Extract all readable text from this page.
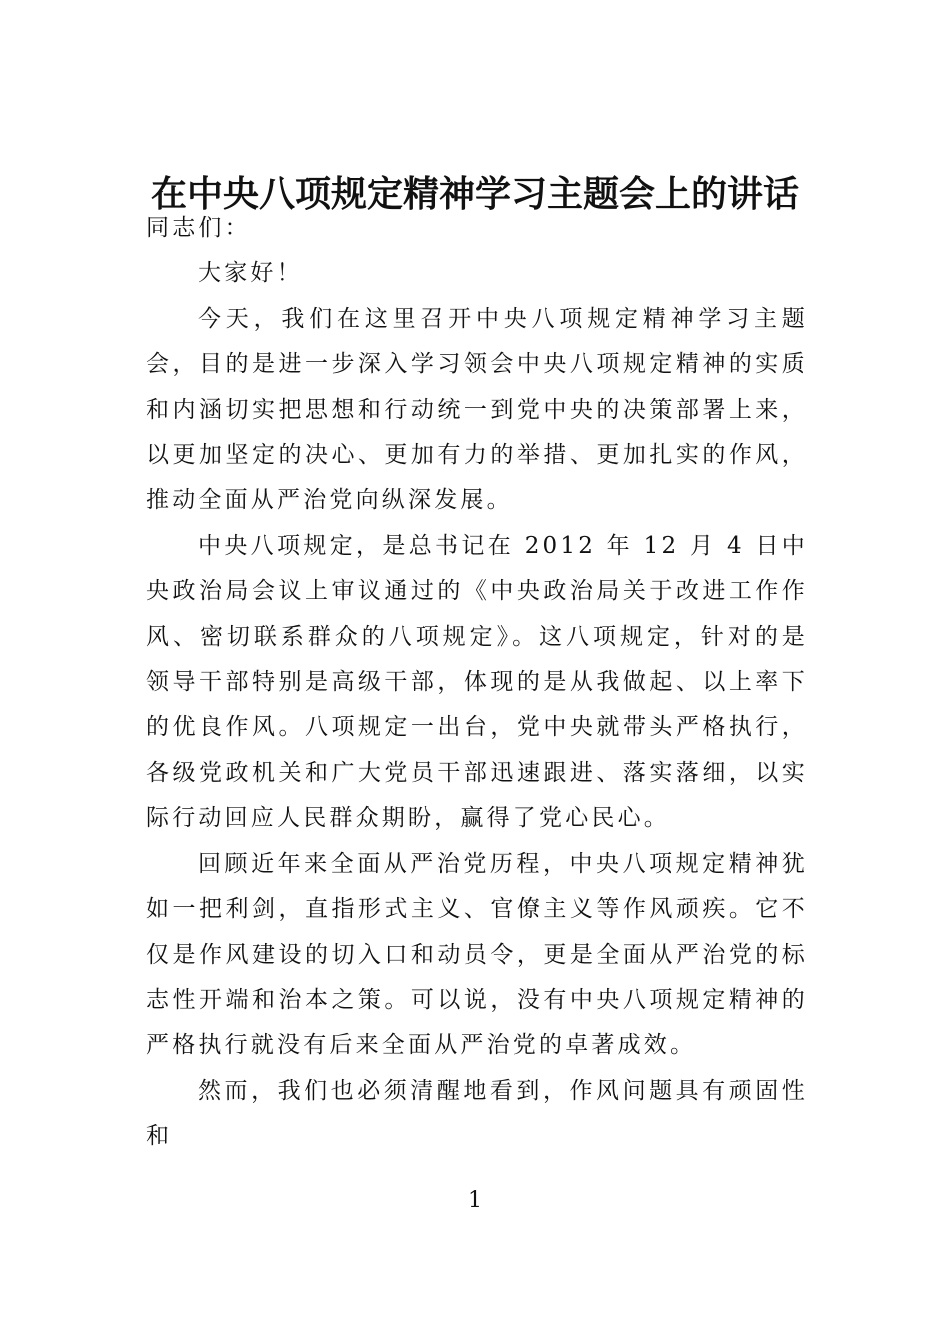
在中央八项规定精神学习主题会上的讲话

同志们：

大家好！

今天，我们在这里召开中央八项规定精神学习主题会，目的是进一步深入学习领会中央八项规定精神的实质和内涵切实把思想和行动统一到党中央的决策部署上来，以更加坚定的决心、更加有力的举措、更加扎实的作风，推动全面从严治党向纵深发展。

中央八项规定，是总书记在 2012 年 12 月 4 日中央政治局会议上审议通过的《中央政治局关于改进工作作风、密切联系群众的八项规定》。这八项规定，针对的是领导干部特别是高级干部，体现的是从我做起、以上率下的优良作风。八项规定一出台，党中央就带头严格执行，各级党政机关和广大党员干部迅速跟进、落实落细，以实际行动回应人民群众期盼，赢得了党心民心。

回顾近年来全面从严治党历程，中央八项规定精神犹如一把利剑，直指形式主义、官僚主义等作风顽疾。它不仅是作风建设的切入口和动员令，更是全面从严治党的标志性开端和治本之策。可以说，没有中央八项规定精神的严格执行就没有后来全面从严治党的卓著成效。

然而，我们也必须清醒地看到，作风问题具有顽固性和

1
